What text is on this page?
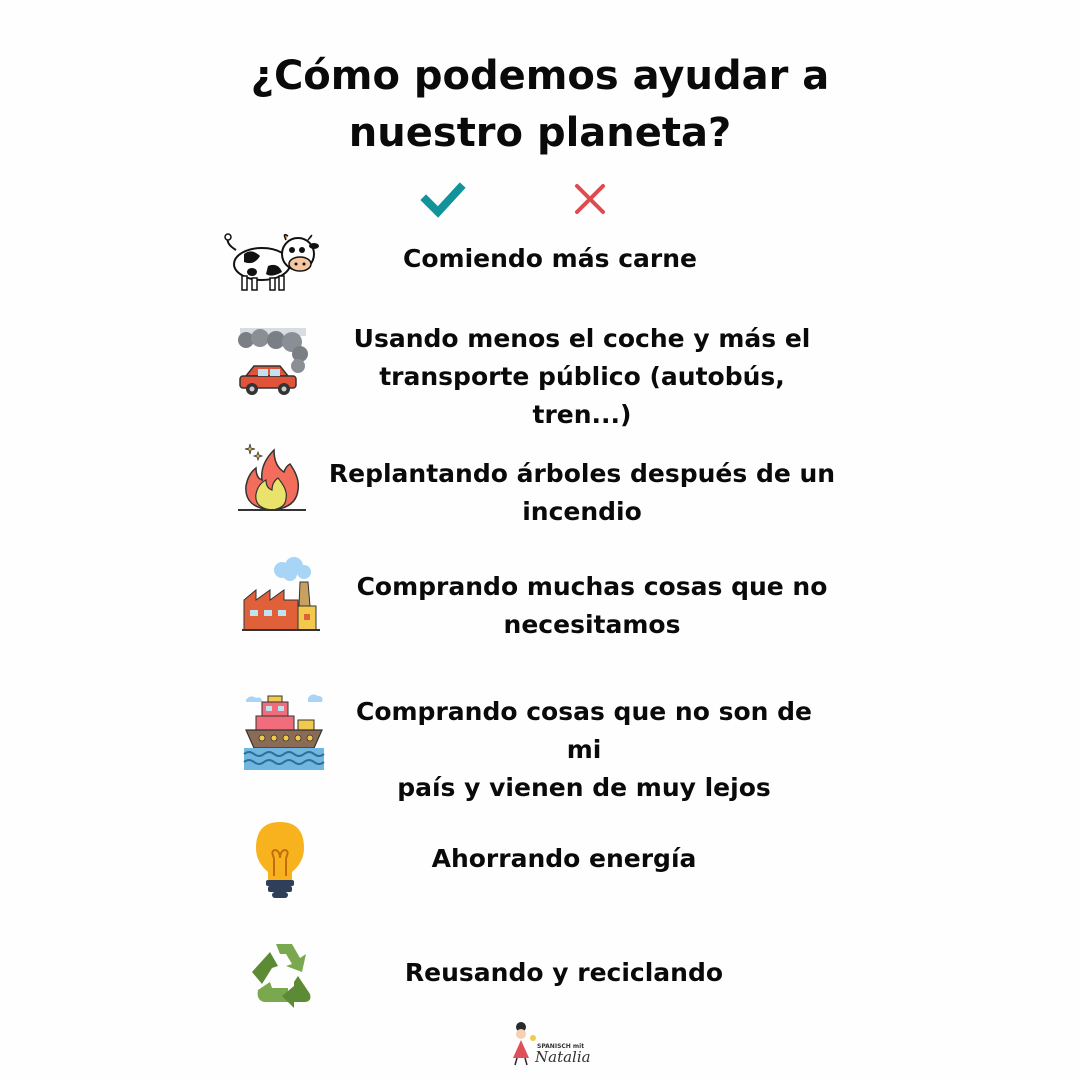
¿Cómo podemos ayudar a
nuestro planeta?
Comiendo más carne
Usando menos el coche y más el
transporte público (autobús, tren...)
Replantando árboles después de un
incendio
Comprando muchas cosas que no
necesitamos
Comprando cosas que no son de mi
país y vienen de muy lejos
Ahorrando energía
Reusando y reciclando
SPANISCH mit
Natalia
